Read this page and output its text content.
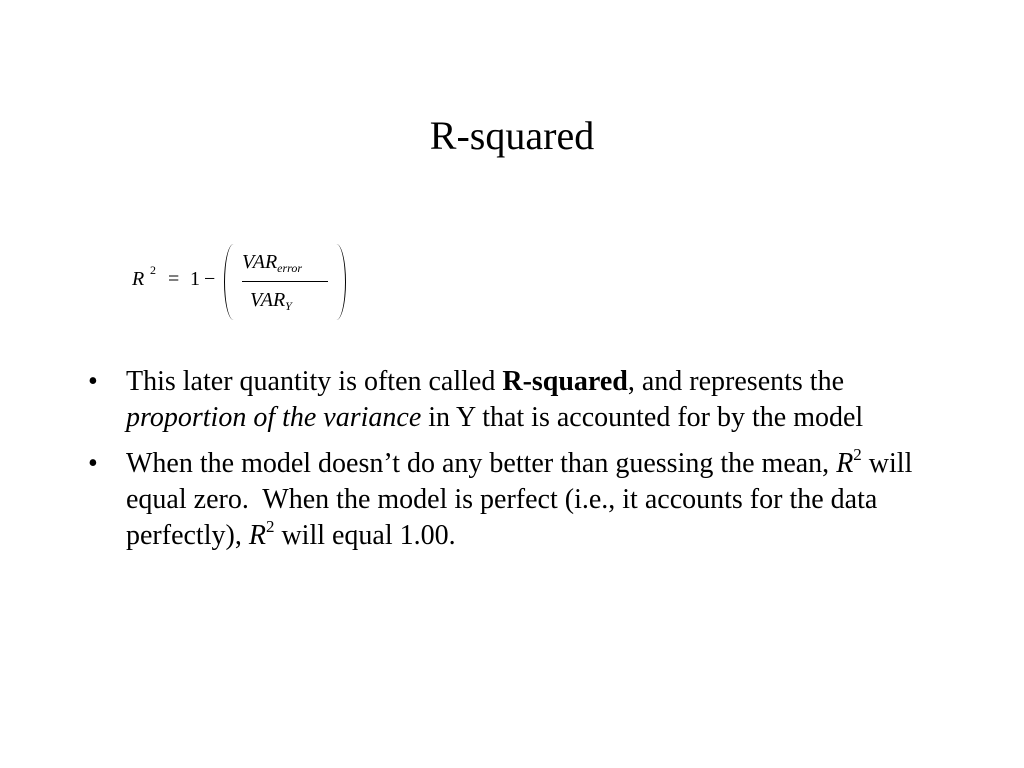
R-squared
R 2 = 1 −
$VAR_{error}$
$VAR_Y$
• This later quantity is often called R-squared, and represents the proportion of the variance in Y that is accounted for by the model
• When the model doesn’t do any better than guessing the mean, $R^2$ will equal zero.  When the model is perfect (i.e., it accounts for the data perfectly), $R^2$ will equal 1.00.
